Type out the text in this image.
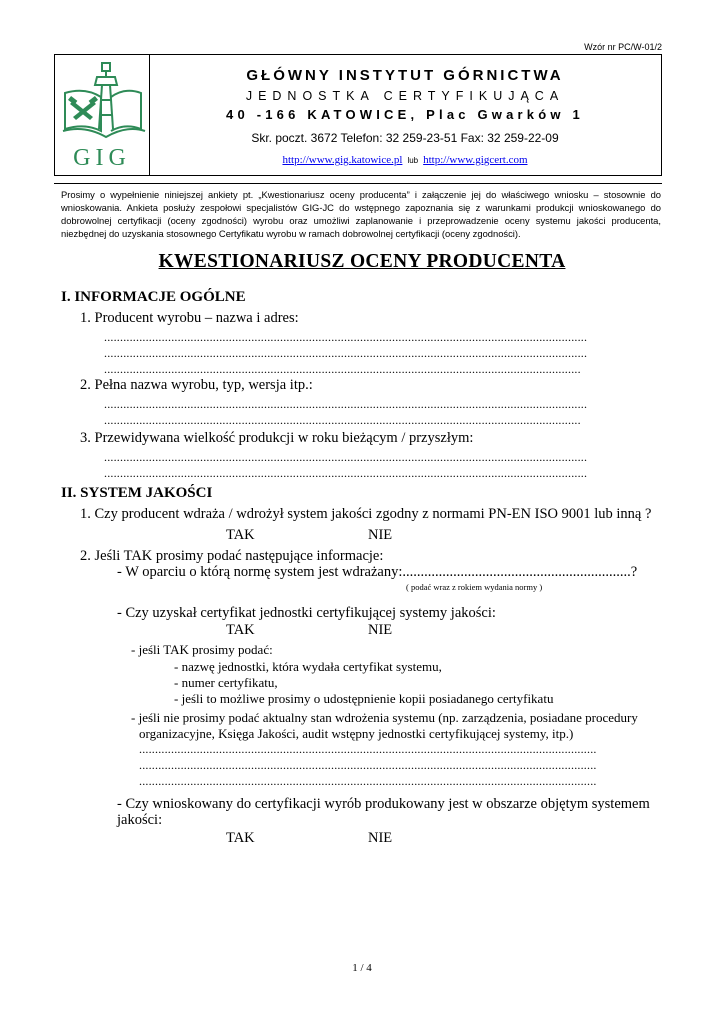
Wzór nr PC/W-01/2
GIG
GŁÓWNY INSTYTUT GÓRNICTWA
JEDNOSTKA CERTYFIKUJĄCA
40 -166 KATOWICE, Plac Gwarków 1
Skr. poczt. 3672 Telefon: 32 259-23-51 Fax: 32 259-22-09
http://www.gig.katowice.pl lub http://www.gigcert.com
Prosimy o wypełnienie niniejszej ankiety pt. „Kwestionariusz oceny producenta” i załączenie jej do właściwego wniosku – stosownie do wnioskowania. Ankieta posłuży zespołowi specjalistów GIG-JC do wstępnego zapoznania się z warunkami produkcji wnioskowanego do dobrowolnej certyfikacji (oceny zgodności) wyrobu oraz umożliwi zaplanowanie i przeprowadzenie oceny systemu jakości producenta, niezbędnej do uzyskania stosownego Certyfikatu wyrobu w ramach dobrowolnej certyfikacji (oceny zgodności).
KWESTIONARIUSZ OCENY PRODUCENTA
I. INFORMACJE OGÓLNE
1. Producent wyrobu – nazwa i adres:
.......................................................................................................................................................
.......................................................................................................................................................
.....................................................................................................................................................
2. Pełna nazwa wyrobu, typ, wersja itp.:
.......................................................................................................................................................
.....................................................................................................................................................
3. Przewidywana wielkość produkcji w roku bieżącym / przyszłym:
.......................................................................................................................................................
.......................................................................................................................................................
II. SYSTEM JAKOŚCI
1. Czy producent wdraża / wdrożył system jakości zgodny z normami PN-EN ISO 9001 lub inną ?
TAK	NIE
2. Jeśli TAK prosimy podać następujące informacje:
- W oparciu o którą normę system jest wdrażany:...............................................................?
( podać wraz z rokiem wydania normy )
- Czy uzyskał certyfikat jednostki certyfikującej systemy jakości:
TAK	NIE
- jeśli TAK prosimy podać:
- nazwę jednostki, która wydała certyfikat systemu,
- numer certyfikatu,
- jeśli to możliwe prosimy o udostępnienie kopii posiadanego certyfikatu
- jeśli nie prosimy podać aktualny stan wdrożenia systemu (np. zarządzenia, posiadane procedury
organizacyjne, Księga Jakości, audit wstępny jednostki certyfikującej systemy, itp.)
...............................................................................................................................................
...............................................................................................................................................
...............................................................................................................................................
- Czy wnioskowany do certyfikacji wyrób produkowany jest w obszarze objętym systemem
jakości:
TAK	NIE
1 / 4
